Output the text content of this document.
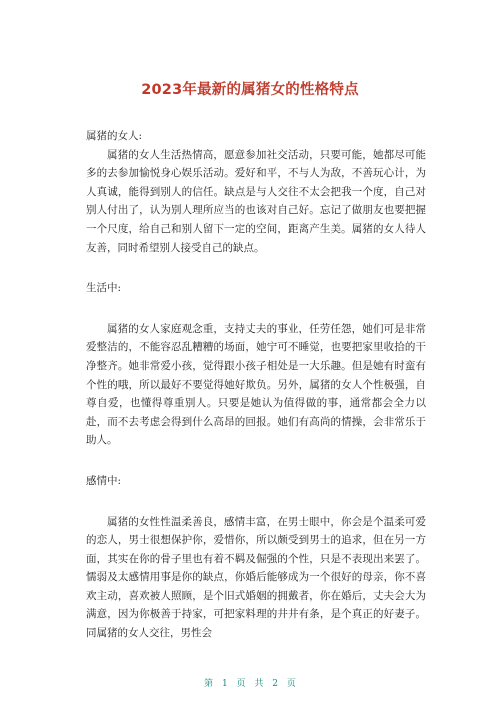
2023年最新的属猪女的性格特点

属猪的女人:

属猪的女人生活热情高，愿意参加社交活动，只要可能，她都尽可能多的去参加愉悦身心娱乐活动。爱好和平，不与人为敌，不善玩心计，为人真诚，能得到别人的信任。缺点是与人交往不太会把我一个度，自己对别人付出了，认为别人理所应当的也该对自己好。忘记了做朋友也要把握一个尺度，给自己和别人留下一定的空间，距离产生美。属猪的女人待人友善，同时希望别人接受自己的缺点。

生活中:

属猪的女人家庭观念重，支持丈夫的事业，任劳任怨，她们可是非常爱整洁的，不能容忍乱糟糟的场面，她宁可不睡觉，也要把家里收拾的干净整齐。她非常爱小孩，觉得跟小孩子相处是一大乐趣。但是她有时蛮有个性的哦，所以最好不要觉得她好欺负。另外，属猪的女人个性极强，自尊自爱，也懂得尊重别人。只要是她认为值得做的事，通常都会全力以赴，而不去考虑会得到什么高昂的回报。她们有高尚的情操，会非常乐于助人。

感情中:

属猪的女性性温柔善良，感情丰富，在男士眼中，你会是个温柔可爱的恋人，男士很想保护你，爱惜你，所以颇受到男士的追求，但在另一方面，其实在你的骨子里也有着不羁及倔强的个性，只是不表现出来罢了。懦弱及太感情用事是你的缺点，你婚后能够成为一个很好的母亲，你不喜欢主动，喜欢被人照顾，是个旧式婚姻的拥戴者，你在婚后，丈夫会大为满意，因为你极善于持家，可把家料理的井井有条，是个真正的好妻子。同属猪的女人交往，男性会

第 1 页 共 2 页
